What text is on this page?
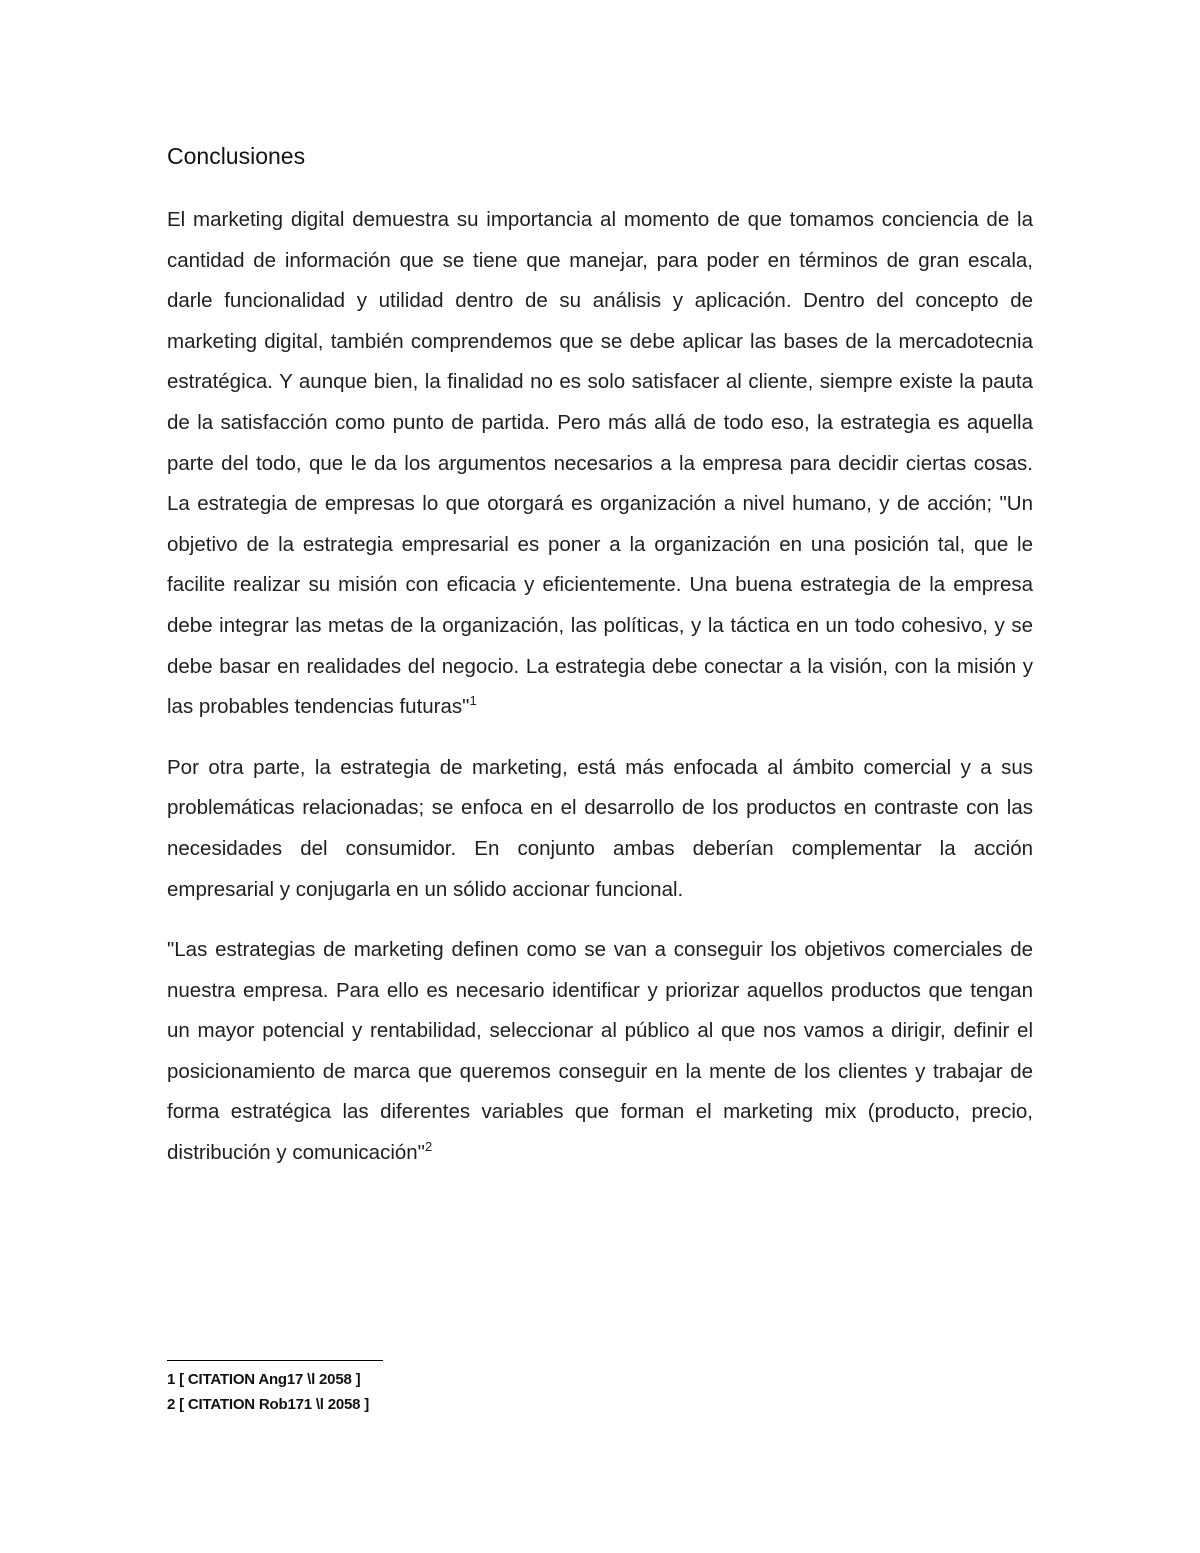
Conclusiones

El marketing digital demuestra su importancia al momento de que tomamos conciencia de la cantidad de información que se tiene que manejar, para poder en términos de gran escala, darle funcionalidad y utilidad dentro de su análisis y aplicación. Dentro del concepto de marketing digital, también comprendemos que se debe aplicar las bases de la mercadotecnia estratégica. Y aunque bien, la finalidad no es solo satisfacer al cliente, siempre existe la pauta de la satisfacción como punto de partida. Pero más allá de todo eso, la estrategia es aquella parte del todo, que le da los argumentos necesarios a la empresa para decidir ciertas cosas. La estrategia de empresas lo que otorgará es organización a nivel humano, y de acción; "Un objetivo de la estrategia empresarial es poner a la organización en una posición tal, que le facilite realizar su misión con eficacia y eficientemente. Una buena estrategia de la empresa debe integrar las metas de la organización, las políticas, y la táctica en un todo cohesivo, y se debe basar en realidades del negocio. La estrategia debe conectar a la visión, con la misión y las probables tendencias futuras"$^1$

Por otra parte, la estrategia de marketing, está más enfocada al ámbito comercial y a sus problemáticas relacionadas; se enfoca en el desarrollo de los productos en contraste con las necesidades del consumidor. En conjunto ambas deberían complementar la acción empresarial y conjugarla en un sólido accionar funcional.

"Las estrategias de marketing definen como se van a conseguir los objetivos comerciales de nuestra empresa. Para ello es necesario identificar y priorizar aquellos productos que tengan un mayor potencial y rentabilidad, seleccionar al público al que nos vamos a dirigir, definir el posicionamiento de marca que queremos conseguir en la mente de los clientes y trabajar de forma estratégica las diferentes variables que forman el marketing mix (producto, precio, distribución y comunicación"$^2$

1 [ CITATION Ang17 \l 2058 ]

2 [ CITATION Rob171 \l 2058 ]
